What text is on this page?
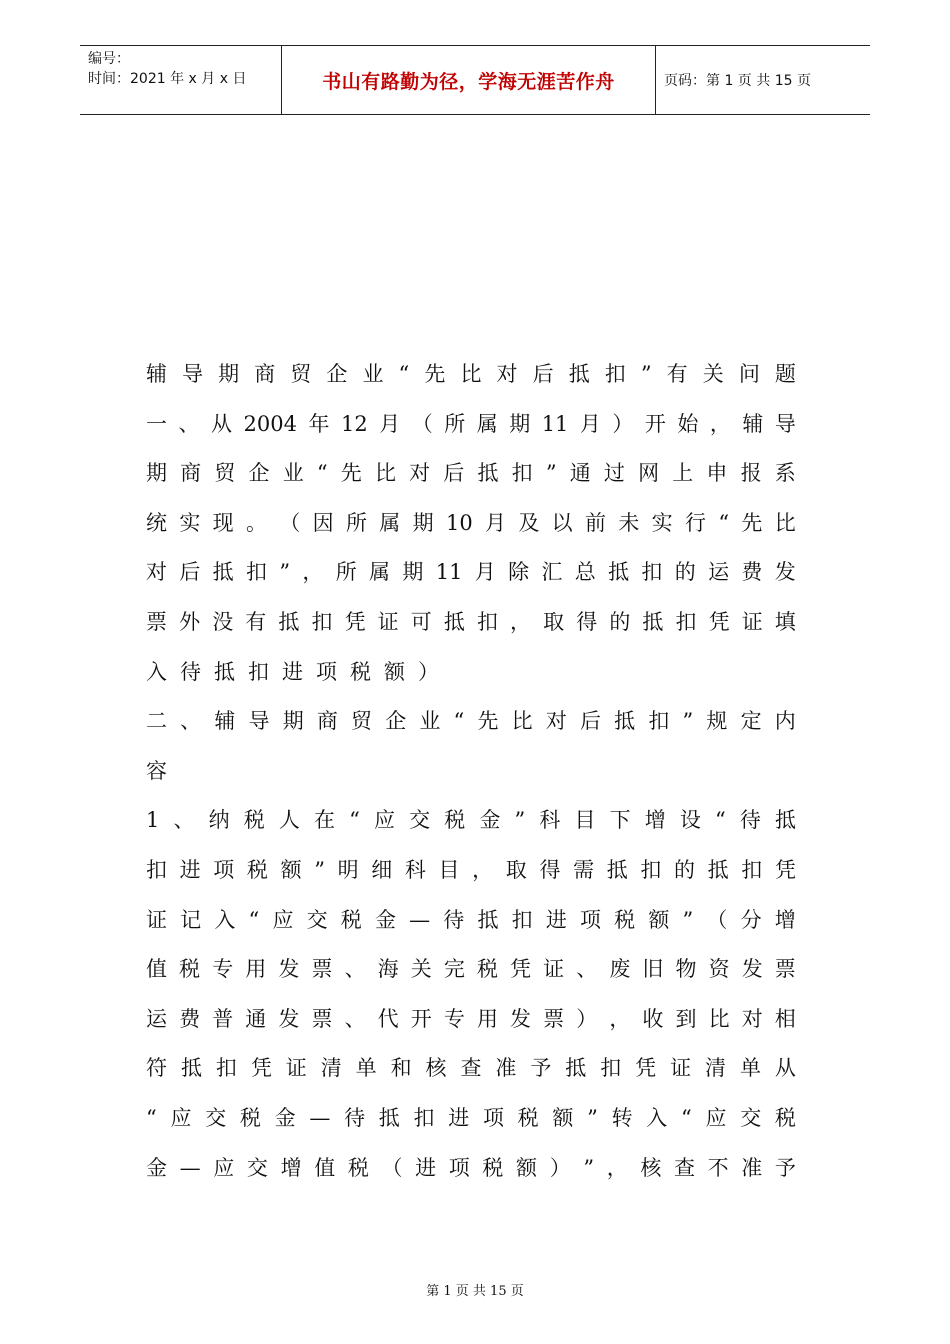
编号：
时间：2021 年 x 月 x 日	书山有路勤为径，学海无涯苦作舟	页码：第 1 页 共 15 页
辅 导 期 商 贸 企 业 “ 先 比 对 后 抵 扣 ” 有 关 问 题
一 、 从 2004 年 12 月 （ 所 属 期 11 月 ） 开 始 ， 辅 导
期 商 贸 企 业 “ 先 比 对 后 抵 扣 ” 通 过 网 上 申 报 系
统 实 现 。 （ 因 所 属 期 10 月 及 以 前 未 实 行 “ 先 比
对 后 抵 扣 ” ， 所 属 期 11 月 除 汇 总 抵 扣 的 运 费 发
票 外 没 有 抵 扣 凭 证 可 抵 扣 ， 取 得 的 抵 扣 凭 证 填
入待抵扣进项税额）
二 、 辅 导 期 商 贸 企 业 “ 先 比 对 后 抵 扣 ” 规 定 内
容
1 、 纳 税 人 在 “ 应 交 税 金 ” 科 目 下 增 设 “ 待 抵
扣 进 项 税 额 ” 明 细 科 目 ， 取 得 需 抵 扣 的 抵 扣 凭
证 记 入 “ 应 交 税 金 — 待 抵 扣 进 项 税 额 ” （ 分 增
值 税 专 用 发 票 、 海 关 完 税 凭 证 、 废 旧 物 资 发 票
运 费 普 通 发 票 、 代 开 专 用 发 票 ） ， 收 到 比 对 相
符 抵 扣 凭 证 清 单 和 核 查 准 予 抵 扣 凭 证 清 单 从
“ 应 交 税 金 — 待 抵 扣 进 项 税 额 ” 转 入 “ 应 交 税
金 — 应 交 增 值 税 （ 进 项 税 额 ） ” ， 核 查 不 准 予
第 1 页 共 15 页
